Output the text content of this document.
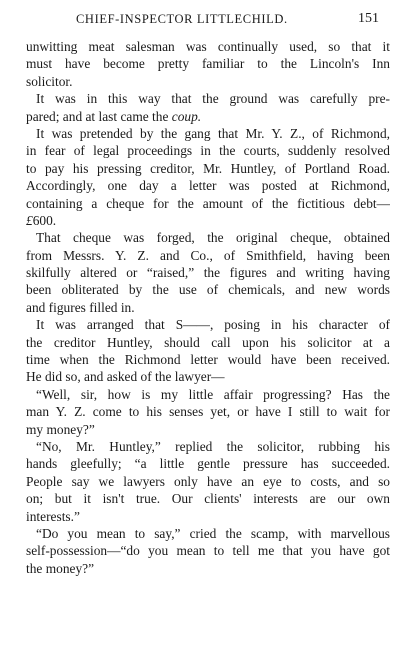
CHIEF-INSPECTOR LITTLECHILD.	151
unwitting meat salesman was continually used, so that it
must have become pretty familiar to the Lincoln's Inn
solicitor.
It was in this way that the ground was carefully pre-
pared; and at last came the coup.
It was pretended by the gang that Mr. Y. Z., of Richmond,
in fear of legal proceedings in the courts, suddenly resolved
to pay his pressing creditor, Mr. Huntley, of Portland Road.
Accordingly, one day a letter was posted at Richmond,
containing a cheque for the amount of the fictitious debt—
£600.
That cheque was forged, the original cheque, obtained
from Messrs. Y. Z. and Co., of Smithfield, having been
skilfully altered or “raised,” the figures and writing having
been obliterated by the use of chemicals, and new words
and figures filled in.
It was arranged that S——, posing in his character of
the creditor Huntley, should call upon his solicitor at a
time when the Richmond letter would have been received.
He did so, and asked of the lawyer—
“Well, sir, how is my little affair progressing? Has the
man Y. Z. come to his senses yet, or have I still to wait for
my money?”
“No, Mr. Huntley,” replied the solicitor, rubbing his
hands gleefully; “a little gentle pressure has succeeded.
People say we lawyers only have an eye to costs, and so
on; but it isn't true. Our clients' interests are our own
interests.”
“Do you mean to say,” cried the scamp, with marvellous
self-possession—“do you mean to tell me that you have got
the money?”
